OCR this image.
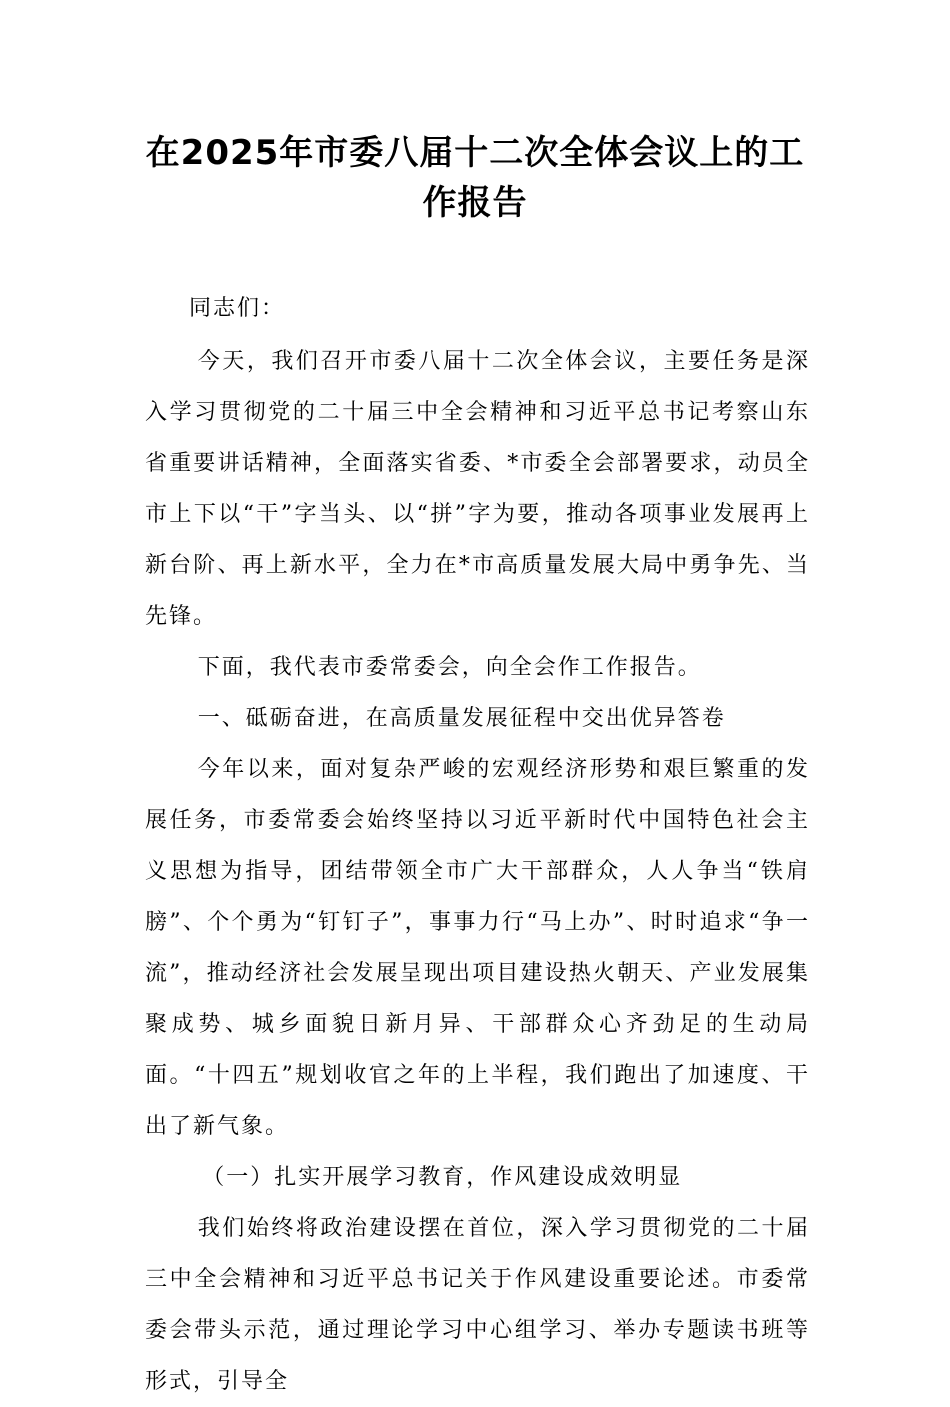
在2025年市委八届十二次全体会议上的工作报告

同志们：

今天，我们召开市委八届十二次全体会议，主要任务是深入学习贯彻党的二十届三中全会精神和习近平总书记考察山东省重要讲话精神，全面落实省委、*市委全会部署要求，动员全市上下以“干”字当头、以“拼”字为要，推动各项事业发展再上新台阶、再上新水平，全力在*市高质量发展大局中勇争先、当先锋。

下面，我代表市委常委会，向全会作工作报告。

一、砥砺奋进，在高质量发展征程中交出优异答卷

今年以来，面对复杂严峻的宏观经济形势和艰巨繁重的发展任务，市委常委会始终坚持以习近平新时代中国特色社会主义思想为指导，团结带领全市广大干部群众，人人争当“铁肩膀”、个个勇为“钉钉子”，事事力行“马上办”、时时追求“争一流”，推动经济社会发展呈现出项目建设热火朝天、产业发展集聚成势、城乡面貌日新月异、干部群众心齐劲足的生动局面。“十四五”规划收官之年的上半程，我们跑出了加速度、干出了新气象。

（一）扎实开展学习教育，作风建设成效明显

我们始终将政治建设摆在首位，深入学习贯彻党的二十届三中全会精神和习近平总书记关于作风建设重要论述。市委常委会带头示范，通过理论学习中心组学习、举办专题读书班等形式，引导全
